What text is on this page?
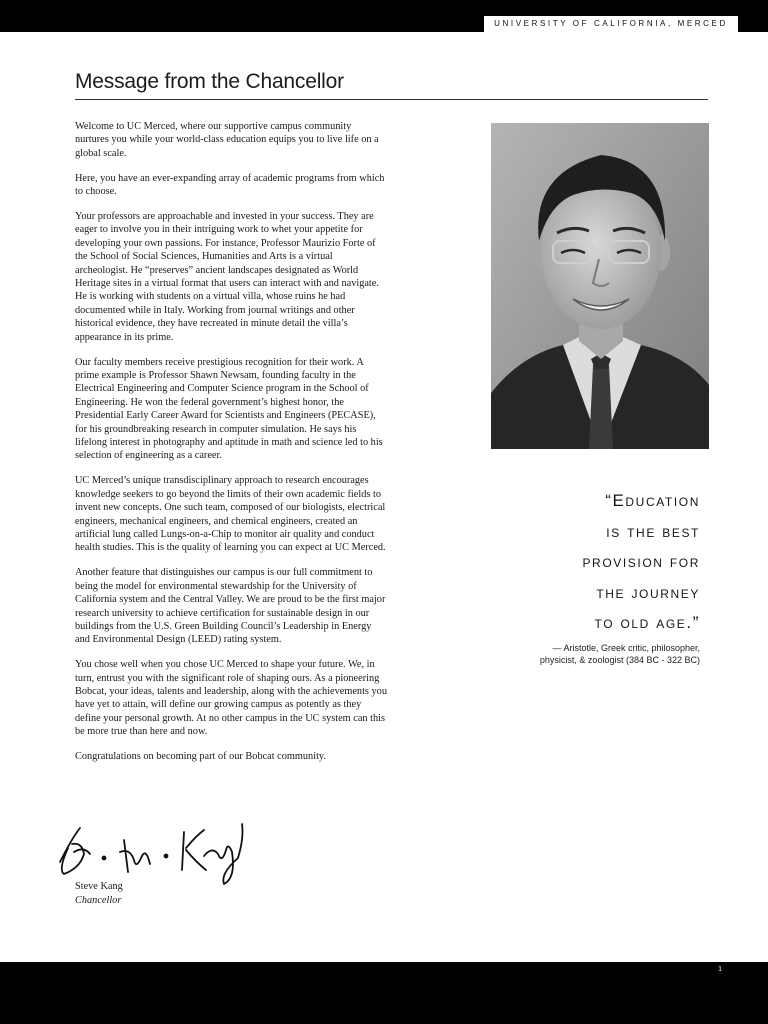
UNIVERSITY OF CALIFORNIA, MERCED
Message from the Chancellor

Welcome to UC Merced, where our supportive campus community nurtures you while your world-class education equips you to live life on a global scale.

Here, you have an ever-expanding array of academic programs from which to choose.

Your professors are approachable and invested in your success. They are eager to involve you in their intriguing work to whet your appetite for developing your own passions. For instance, Professor Maurizio Forte of the School of Social Sciences, Humanities and Arts is a virtual archeologist. He “preserves” ancient landscapes designated as World Heritage sites in a virtual format that users can interact with and navigate. He is working with students on a virtual villa, whose ruins he had documented while in Italy. Working from journal writings and other historical evidence, they have recreated in minute detail the villa’s appearance in its prime.

Our faculty members receive prestigious recognition for their work. A prime example is Professor Shawn Newsam, founding faculty in the Electrical Engineering and Computer Science program in the School of Engineering. He won the federal government’s highest honor, the Presidential Early Career Award for Scientists and Engineers (PECASE), for his groundbreaking research in computer simulation. He says his lifelong interest in photography and aptitude in math and science led to his selection of engineering as a career.

UC Merced’s unique transdisciplinary approach to research encourages knowledge seekers to go beyond the limits of their own academic fields to invent new concepts. One such team, composed of our biologists, electrical engineers, mechanical engineers, and chemical engineers, created an artificial lung called Lungs-on-a-Chip to monitor air quality and conduct health studies. This is the quality of learning you can expect at UC Merced.

Another feature that distinguishes our campus is our full commitment to being the model for environmental stewardship for the University of California system and the Central Valley. We are proud to be the first major research university to achieve certification for sustainable design in our buildings from the U.S. Green Building Council’s Leadership in Energy and Environmental Design (LEED) rating system.

You chose well when you chose UC Merced to shape your future. We, in turn, entrust you with the significant role of shaping ours. As a pioneering Bobcat, your ideas, talents and leadership, along with the achievements you have yet to attain, will define our growing campus as potently as they define your personal growth. At no other campus in the UC system can this be more true than here and now.

Congratulations on becoming part of our Bobcat community.

“Education
is the best
provision for
the journey
to old age.”
— Aristotle, Greek critic, philosopher,
physicist, & zoologist (384 BC - 322 BC)
Steve Kang
Chancellor
1
